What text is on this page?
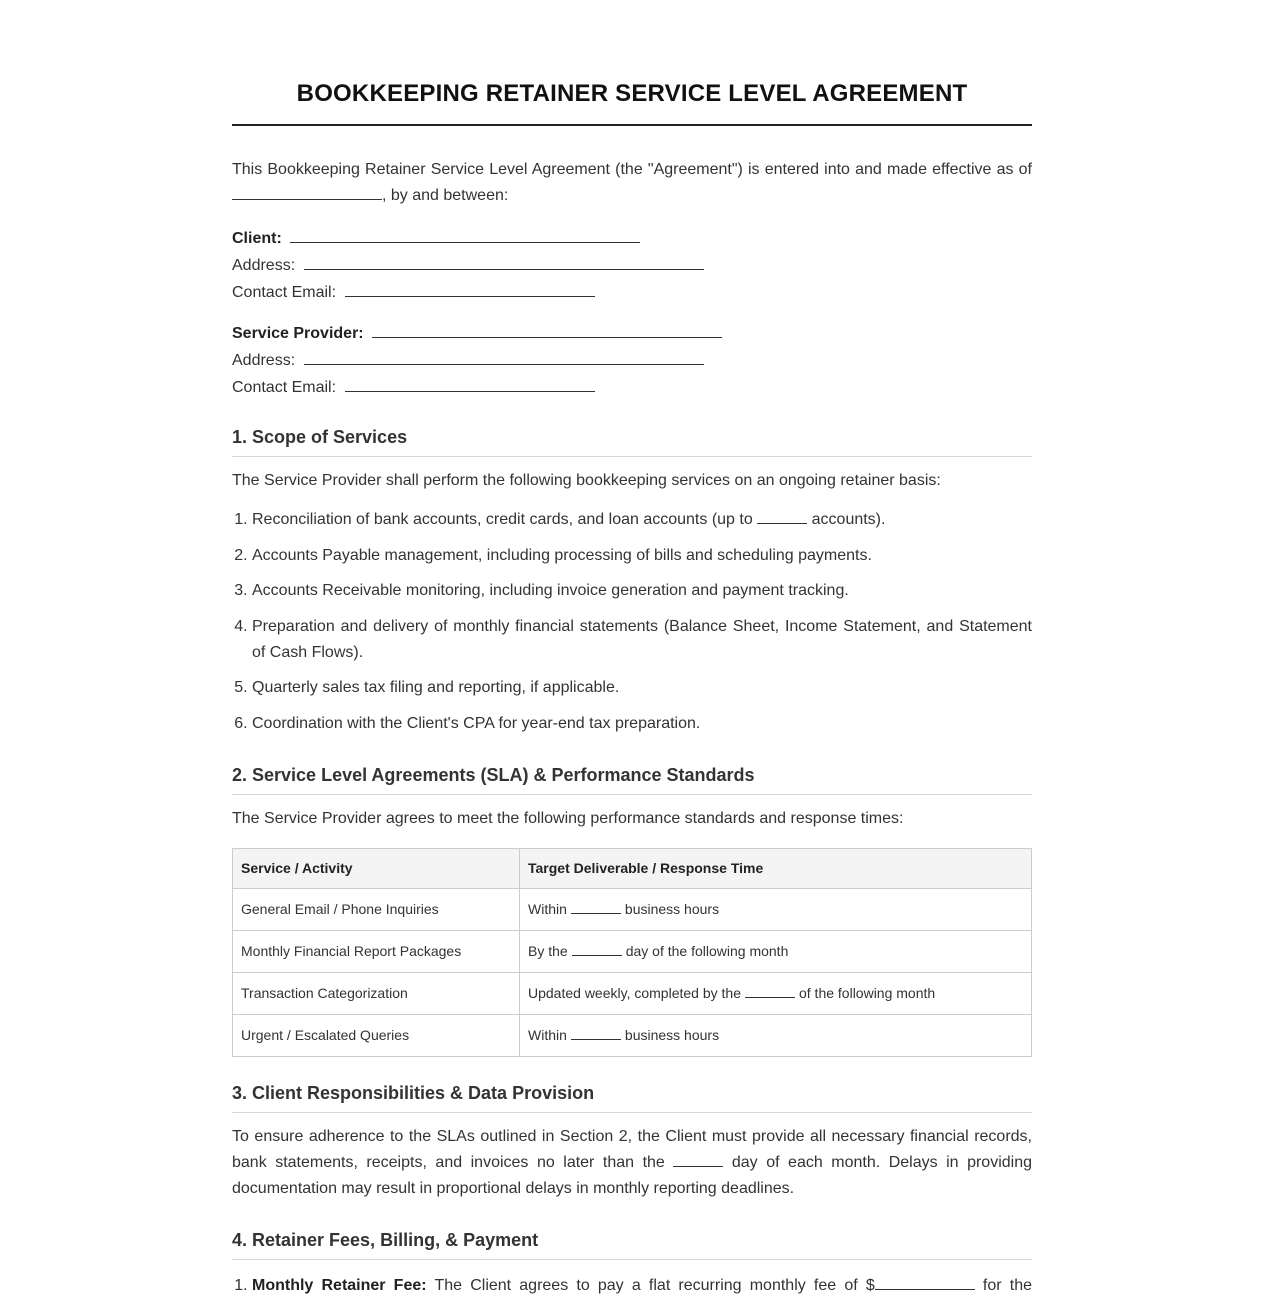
BOOKKEEPING RETAINER SERVICE LEVEL AGREEMENT

This Bookkeeping Retainer Service Level Agreement (the "Agreement") is entered into and made effective as of , by and between:

Client:
Address:
Contact Email:
Service Provider:
Address:
Contact Email:
1. Scope of Services

The Service Provider shall perform the following bookkeeping services on an ongoing retainer basis:

1. Reconciliation of bank accounts, credit cards, and loan accounts (up to	accounts).
2. Accounts Payable management, including processing of bills and scheduling payments.
3. Accounts Receivable monitoring, including invoice generation and payment tracking.
4. Preparation and delivery of monthly financial statements (Balance Sheet, Income Statement, and Statement of Cash Flows).
5. Quarterly sales tax filing and reporting, if applicable.
6. Coordination with the Client's CPA for year-end tax preparation.
2. Service Level Agreements (SLA) & Performance Standards

The Service Provider agrees to meet the following performance standards and response times:

Service / Activity	Target Deliverable / Response Time
General Email / Phone Inquiries	Within business hours
Monthly Financial Report Packages	By the day of the following month
Transaction Categorization	Updated weekly, completed by the of the following month
Urgent / Escalated Queries	Within business hours
3. Client Responsibilities & Data Provision

To ensure adherence to the SLAs outlined in Section 2, the Client must provide all necessary financial records, bank statements, receipts, and invoices no later than the	day of each month. Delays in providing documentation may result in proportional delays in monthly reporting deadlines.

4. Retainer Fees, Billing, & Payment
1. Monthly Retainer Fee: The Client agrees to pay a flat recurring monthly fee of $	for the
